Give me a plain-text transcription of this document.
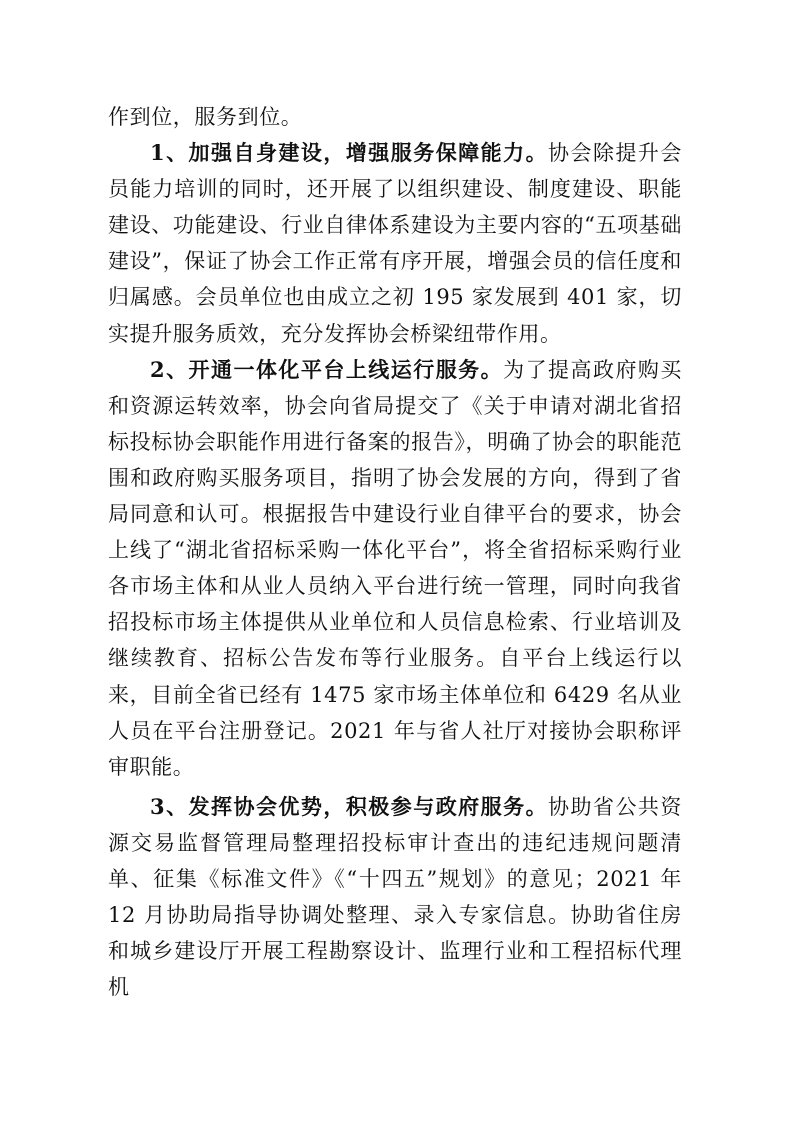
作到位，服务到位。

1、加强自身建设，增强服务保障能力。协会除提升会员能力培训的同时，还开展了以组织建设、制度建设、职能建设、功能建设、行业自律体系建设为主要内容的“五项基础建设”，保证了协会工作正常有序开展，增强会员的信任度和归属感。会员单位也由成立之初 195 家发展到 401 家，切实提升服务质效，充分发挥协会桥梁纽带作用。

2、开通一体化平台上线运行服务。为了提高政府购买和资源运转效率，协会向省局提交了《关于申请对湖北省招标投标协会职能作用进行备案的报告》，明确了协会的职能范围和政府购买服务项目，指明了协会发展的方向，得到了省局同意和认可。根据报告中建设行业自律平台的要求，协会上线了“湖北省招标采购一体化平台”，将全省招标采购行业各市场主体和从业人员纳入平台进行统一管理，同时向我省招投标市场主体提供从业单位和人员信息检索、行业培训及继续教育、招标公告发布等行业服务。自平台上线运行以来，目前全省已经有 1475 家市场主体单位和 6429 名从业人员在平台注册登记。2021 年与省人社厅对接协会职称评审职能。

3、发挥协会优势，积极参与政府服务。协助省公共资源交易监督管理局整理招投标审计查出的违纪违规问题清单、征集《标准文件》《“十四五”规划》的意见；2021 年 12 月协助局指导协调处整理、录入专家信息。协助省住房和城乡建设厅开展工程勘察设计、监理行业和工程招标代理机
